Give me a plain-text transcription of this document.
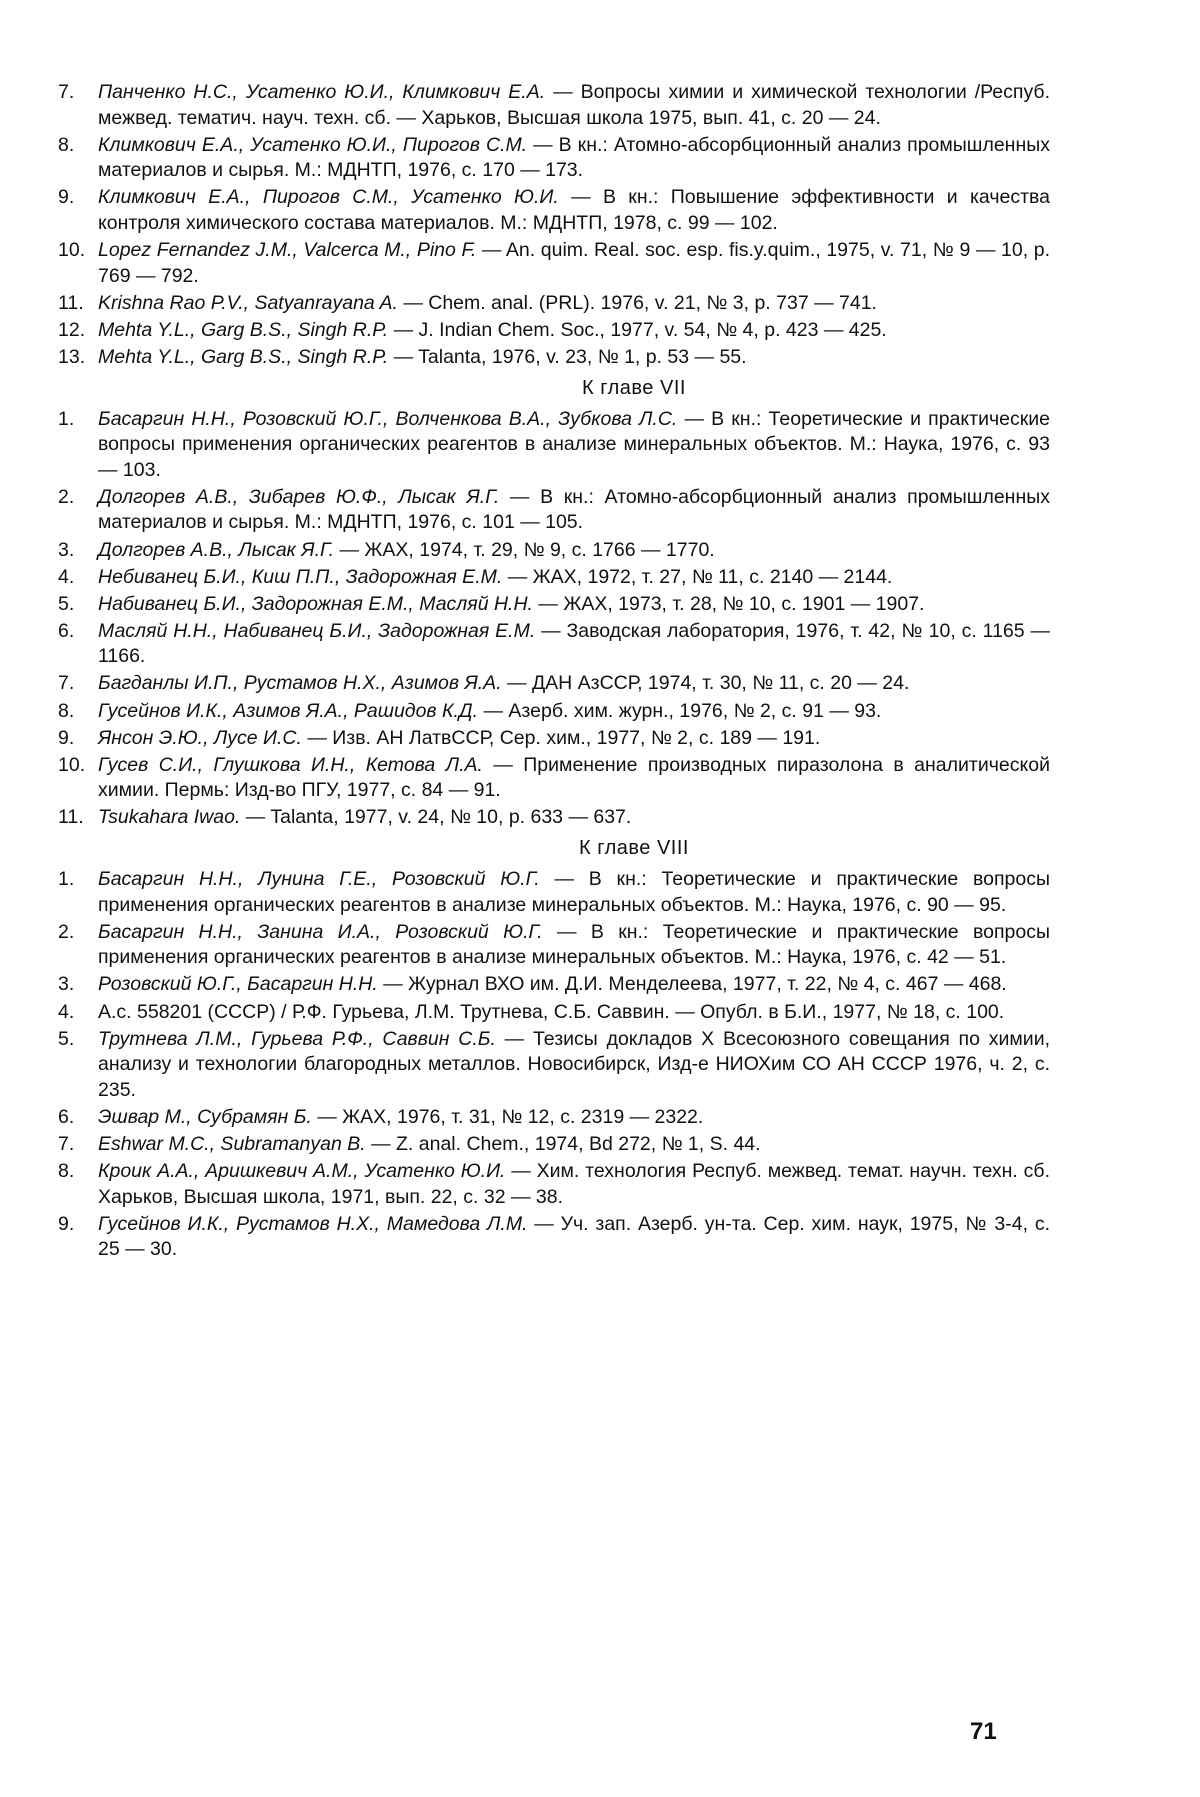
7.	Панченко Н.С., Усатенко Ю.И., Климкович Е.А. — Вопросы химии и химической технологии /Респуб. межвед. тематич. науч. техн. сб. — Харьков, Высшая школа 1975, вып. 41, с. 20 — 24.
8.	Климкович Е.А., Усатенко Ю.И., Пирогов С.М. — В кн.: Атомно-абсорбционный анализ промышленных материалов и сырья. М.: МДНТП, 1976, с. 170 — 173.
9.	Климкович Е.А., Пирогов С.М., Усатенко Ю.И. — В кн.: Повышение эффективности и качества контроля химического состава материалов. М.: МДНТП, 1978, с. 99 — 102.
10. Lopez Fernandez J.M., Valcerca M., Pino F. — An. quim. Real. soc. esp. fis.y.quim., 1975, v. 71, № 9 — 10, p. 769 — 792.
11. Krishna Rao P.V., Satyanrayana A. — Chem. anal. (PRL). 1976, v. 21, № 3, p. 737 — 741.
12. Mehta Y.L., Garg B.S., Singh R.P. — J. Indian Chem. Soc., 1977, v. 54, № 4, p. 423 — 425.
13. Mehta Y.L., Garg B.S., Singh R.P. — Talanta, 1976, v. 23, № 1, p. 53 — 55.
К главе VII
1.	Басаргин Н.Н., Розовский Ю.Г., Волченкова В.А., Зубкова Л.С. — В кн.: Теоретические и практические вопросы применения органических реагентов в анализе минеральных объектов. М.: Наука, 1976, с. 93 — 103.
2.	Долгорев А.В., Зибарев Ю.Ф., Лысак Я.Г. — В кн.: Атомно-абсорбционный анализ промышленных материалов и сырья. М.: МДНТП, 1976, с. 101 — 105.
3.	Долгорев А.В., Лысак Я.Г. — ЖАХ, 1974, т. 29, № 9, с. 1766 — 1770.
4.	Небиванец Б.И., Киш П.П., Задорожная Е.М. — ЖАХ, 1972, т. 27, № 11, с. 2140 — 2144.
5.	Набиванец Б.И., Задорожная Е.М., Масляй Н.Н. — ЖАХ, 1973, т. 28, № 10, с. 1901 — 1907.
6.	Масляй Н.Н., Набиванец Б.И., Задорожная Е.М. — Заводская лаборатория, 1976, т. 42, № 10, с. 1165 — 1166.
7.	Багданлы И.П., Рустамов Н.Х., Азимов Я.А. — ДАН АзССР, 1974, т. 30, № 11, с. 20 — 24.
8.	Гусейнов И.К., Азимов Я.А., Рашидов К.Д. — Азерб. хим. журн., 1976, № 2, с. 91 — 93.
9.	Янсон Э.Ю., Лусе И.С. — Изв. АН ЛатвССР, Сер. хим., 1977, № 2, с. 189 — 191.
10. Гусев С.И., Глушкова И.Н., Кетова Л.А. — Применение производных пиразолона в аналитической химии. Пермь: Изд-во ПГУ, 1977, с. 84 — 91.
11. Tsukahara Iwao. — Talanta, 1977, v. 24, № 10, p. 633 — 637.
К главе VIII
1.	Басаргин Н.Н., Лунина Г.Е., Розовский Ю.Г. — В кн.: Теоретические и практические вопросы применения органических реагентов в анализе минеральных объектов. М.: Наука, 1976, с. 90 — 95.
2.	Басаргин Н.Н., Занина И.А., Розовский Ю.Г. — В кн.: Теоретические и практические вопросы применения органических реагентов в анализе минеральных объектов. М.: Наука, 1976, с. 42 — 51.
3.	Розовский Ю.Г., Басаргин Н.Н. — Журнал ВХО им. Д.И. Менделеева, 1977, т. 22, № 4, с. 467 — 468.
4.	А.с. 558201 (СССР) / Р.Ф. Гурьева, Л.М. Трутнева, С.Б. Саввин. — Опубл. в Б.И., 1977, № 18, с. 100.
5.	Трутнева Л.М., Гурьева Р.Ф., Саввин С.Б. — Тезисы докладов X Всесоюзного совещания по химии, анализу и технологии благородных металлов. Новосибирск, Изд-е НИОХим СО АН СССР 1976, ч. 2, с. 235.
6.	Эшвар М., Субрамян Б. — ЖАХ, 1976, т. 31, № 12, с. 2319 — 2322.
7.	Eshwar M.C., Subramanyan B. — Z. anal. Chem., 1974, Bd 272, № 1, S. 44.
8.	Кроик А.А., Аришкевич А.М., Усатенко Ю.И. — Хим. технология Респуб. межвед. темат. научн. техн. сб. Харьков, Высшая школа, 1971, вып. 22, с. 32 — 38.
9.	Гусейнов И.К., Рустамов Н.Х., Мамедова Л.М. — Уч. зап. Азерб. ун-та. Сер. хим. наук, 1975, № 3-4, с. 25 — 30.
71
